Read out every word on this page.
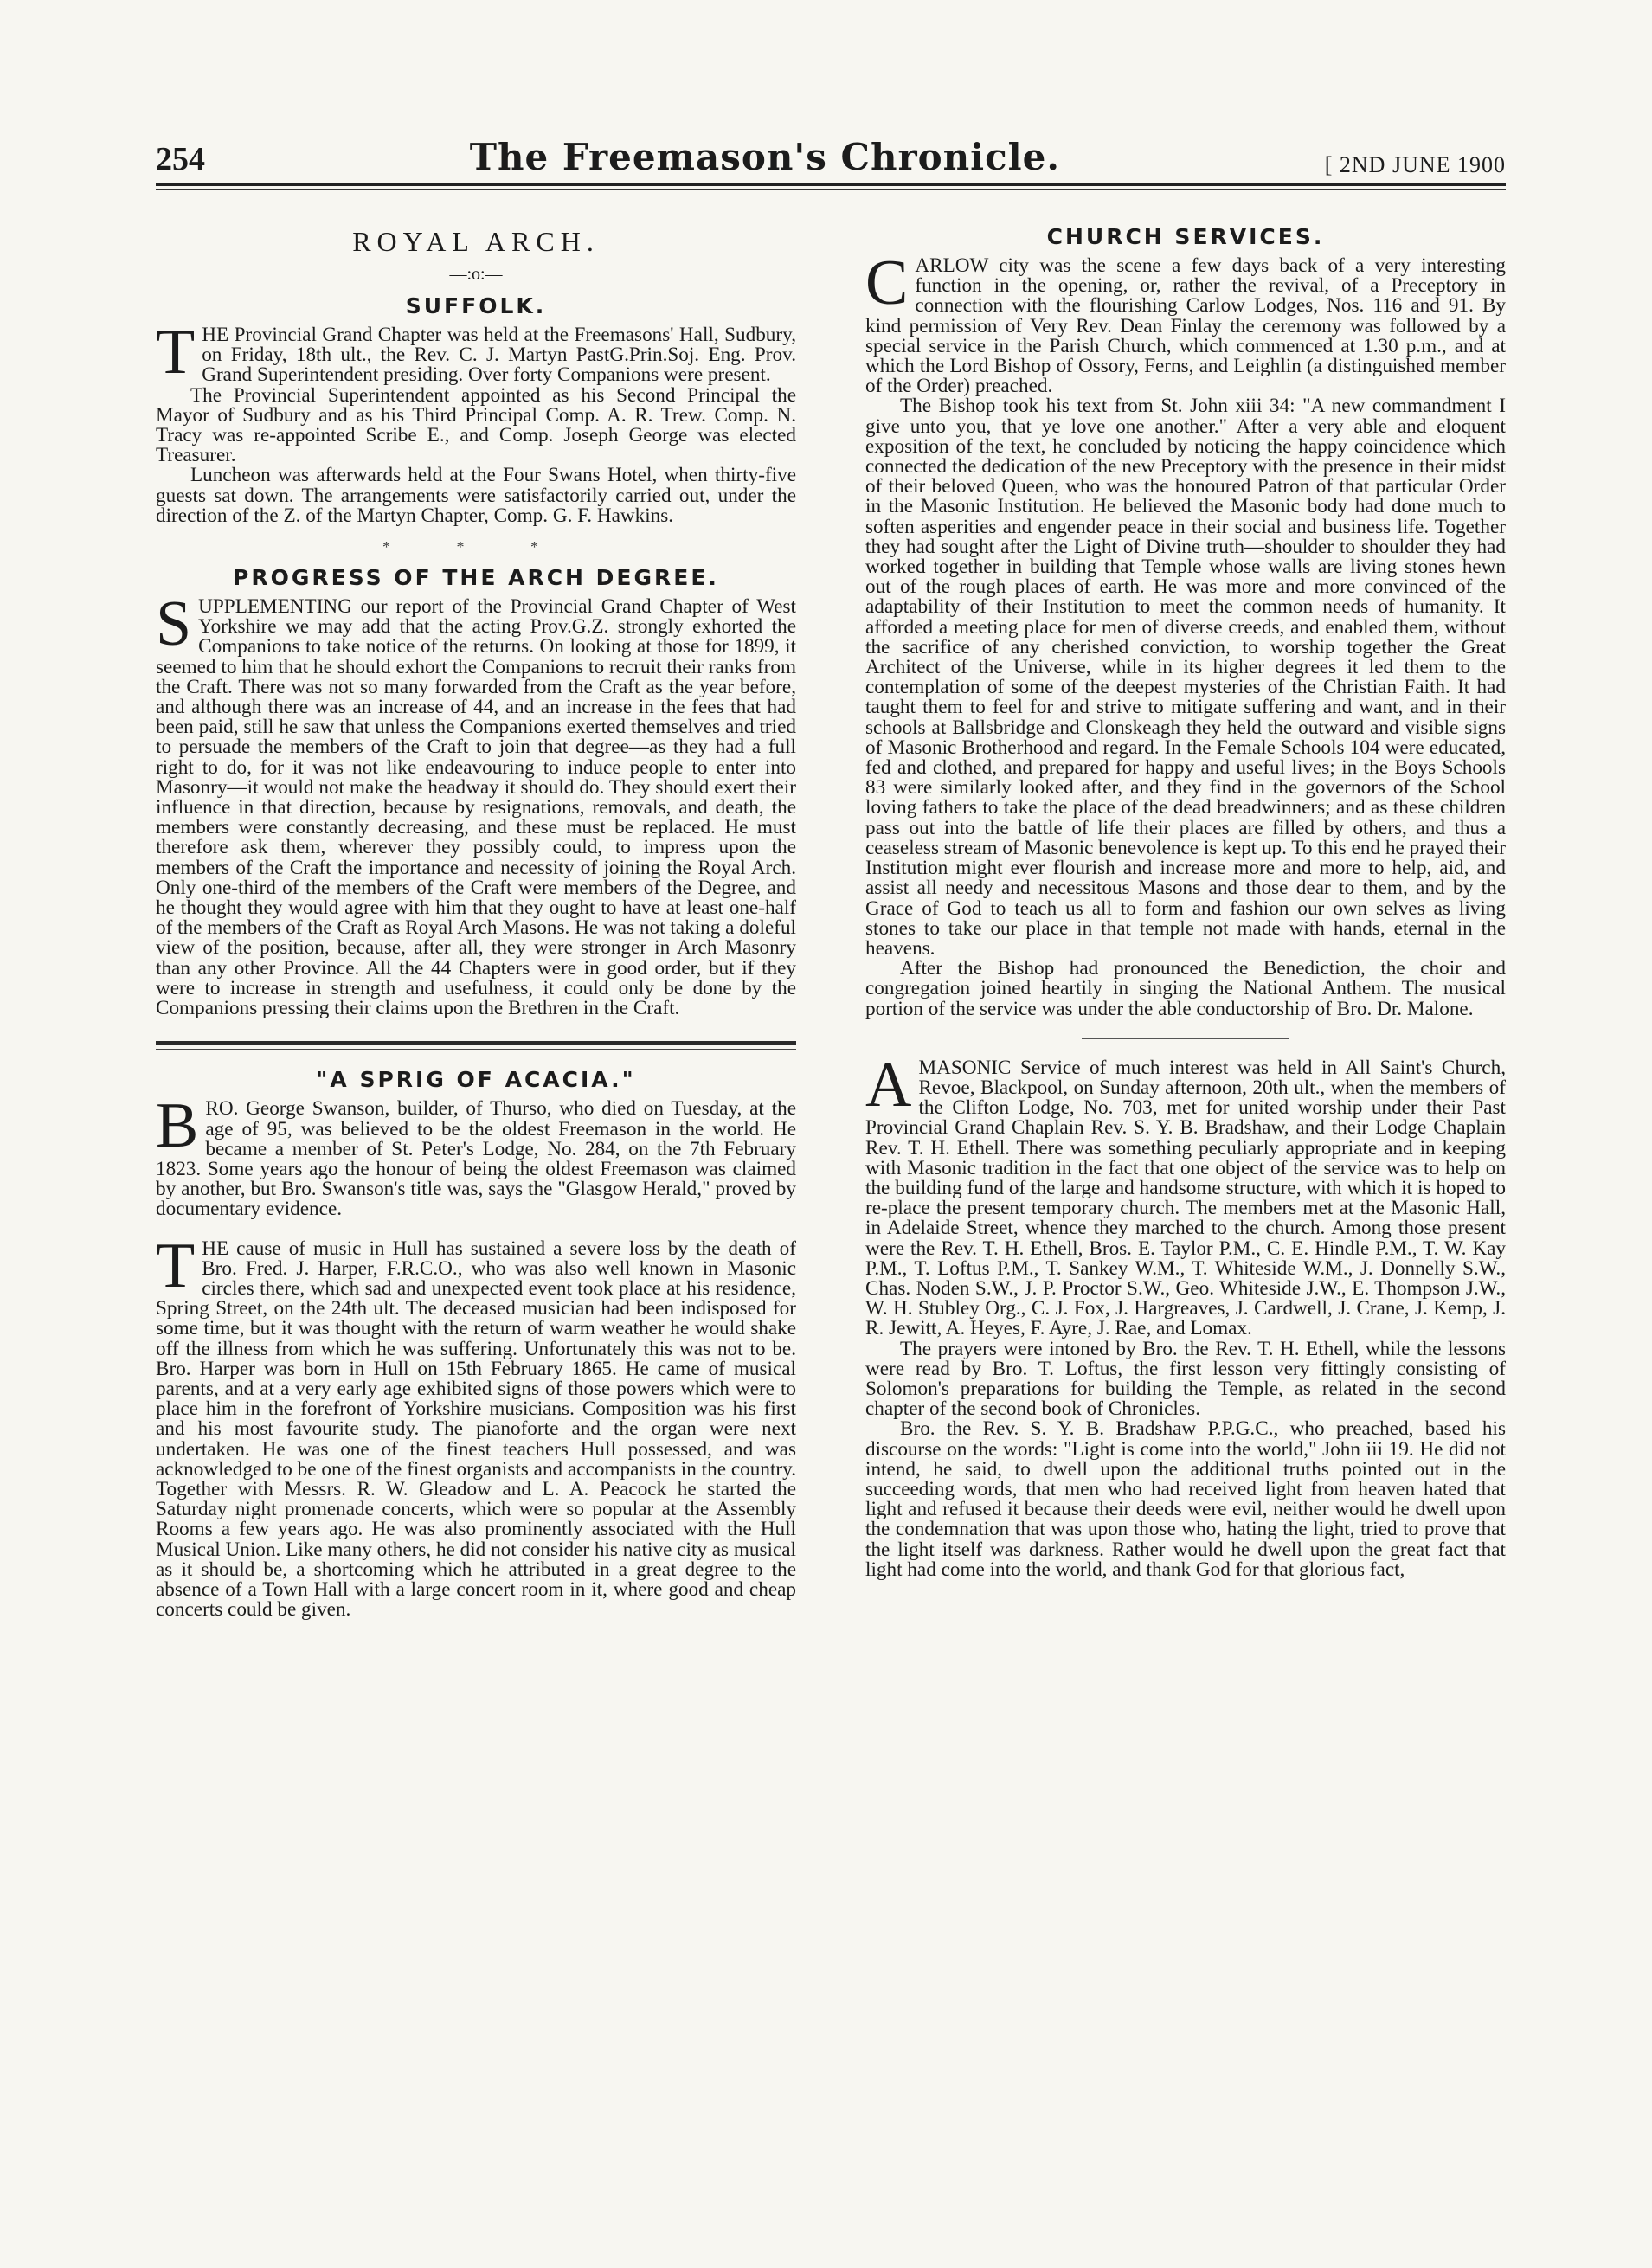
254	The Freemason's Chronicle.	[ 2ND JUNE 1900
ROYAL ARCH.
—:o:—
SUFFOLK.

THE Provincial Grand Chapter was held at the Freemasons' Hall, Sudbury, on Friday, 18th ult., the Rev. C. J. Martyn PastG.Prin.Soj. Eng. Prov. Grand Superintendent presiding. Over forty Companions were present.

The Provincial Superintendent appointed as his Second Principal the Mayor of Sudbury and as his Third Principal Comp. A. R. Trew. Comp. N. Tracy was re-appointed Scribe E., and Comp. Joseph George was elected Treasurer.

Luncheon was afterwards held at the Four Swans Hotel, when thirty-five guests sat down. The arrangements were satisfactorily carried out, under the direction of the Z. of the Martyn Chapter, Comp. G. F. Hawkins.

* * *
PROGRESS OF THE ARCH DEGREE.

SUPPLEMENTING our report of the Provincial Grand Chapter of West Yorkshire we may add that the acting Prov.G.Z. strongly exhorted the Companions to take notice of the returns. On looking at those for 1899, it seemed to him that he should exhort the Companions to recruit their ranks from the Craft. There was not so many forwarded from the Craft as the year before, and although there was an increase of 44, and an increase in the fees that had been paid, still he saw that unless the Companions exerted themselves and tried to persuade the members of the Craft to join that degree—as they had a full right to do, for it was not like endeavouring to induce people to enter into Masonry—it would not make the headway it should do. They should exert their influence in that direction, because by resignations, removals, and death, the members were constantly decreasing, and these must be replaced. He must therefore ask them, wherever they possibly could, to impress upon the members of the Craft the importance and necessity of joining the Royal Arch. Only one-third of the members of the Craft were members of the Degree, and he thought they would agree with him that they ought to have at least one-half of the members of the Craft as Royal Arch Masons. He was not taking a doleful view of the position, because, after all, they were stronger in Arch Masonry than any other Province. All the 44 Chapters were in good order, but if they were to increase in strength and usefulness, it could only be done by the Companions pressing their claims upon the Brethren in the Craft.

"A SPRIG OF ACACIA."

BRO. George Swanson, builder, of Thurso, who died on Tuesday, at the age of 95, was believed to be the oldest Freemason in the world. He became a member of St. Peter's Lodge, No. 284, on the 7th February 1823. Some years ago the honour of being the oldest Freemason was claimed by another, but Bro. Swanson's title was, says the "Glasgow Herald," proved by documentary evidence.

THE cause of music in Hull has sustained a severe loss by the death of Bro. Fred. J. Harper, F.R.C.O., who was also well known in Masonic circles there, which sad and unexpected event took place at his residence, Spring Street, on the 24th ult. The deceased musician had been indisposed for some time, but it was thought with the return of warm weather he would shake off the illness from which he was suffering. Unfortunately this was not to be. Bro. Harper was born in Hull on 15th February 1865. He came of musical parents, and at a very early age exhibited signs of those powers which were to place him in the forefront of Yorkshire musicians. Composition was his first and his most favourite study. The pianoforte and the organ were next undertaken. He was one of the finest teachers Hull possessed, and was acknowledged to be one of the finest organists and accompanists in the country. Together with Messrs. R. W. Gleadow and L. A. Peacock he started the Saturday night promenade concerts, which were so popular at the Assembly Rooms a few years ago. He was also prominently associated with the Hull Musical Union. Like many others, he did not consider his native city as musical as it should be, a shortcoming which he attributed in a great degree to the absence of a Town Hall with a large concert room in it, where good and cheap concerts could be given.

CHURCH SERVICES.

CARLOW city was the scene a few days back of a very interesting function in the opening, or, rather the revival, of a Preceptory in connection with the flourishing Carlow Lodges, Nos. 116 and 91. By kind permission of Very Rev. Dean Finlay the ceremony was followed by a special service in the Parish Church, which commenced at 1.30 p.m., and at which the Lord Bishop of Ossory, Ferns, and Leighlin (a distinguished member of the Order) preached.

The Bishop took his text from St. John xiii 34: "A new commandment I give unto you, that ye love one another." After a very able and eloquent exposition of the text, he concluded by noticing the happy coincidence which connected the dedication of the new Preceptory with the presence in their midst of their beloved Queen, who was the honoured Patron of that particular Order in the Masonic Institution. He believed the Masonic body had done much to soften asperities and engender peace in their social and business life. Together they had sought after the Light of Divine truth—shoulder to shoulder they had worked together in building that Temple whose walls are living stones hewn out of the rough places of earth. He was more and more convinced of the adaptability of their Institution to meet the common needs of humanity. It afforded a meeting place for men of diverse creeds, and enabled them, without the sacrifice of any cherished conviction, to worship together the Great Architect of the Universe, while in its higher degrees it led them to the contemplation of some of the deepest mysteries of the Christian Faith. It had taught them to feel for and strive to mitigate suffering and want, and in their schools at Ballsbridge and Clonskeagh they held the outward and visible signs of Masonic Brotherhood and regard. In the Female Schools 104 were educated, fed and clothed, and prepared for happy and useful lives; in the Boys Schools 83 were similarly looked after, and they find in the governors of the School loving fathers to take the place of the dead breadwinners; and as these children pass out into the battle of life their places are filled by others, and thus a ceaseless stream of Masonic benevolence is kept up. To this end he prayed their Institution might ever flourish and increase more and more to help, aid, and assist all needy and necessitous Masons and those dear to them, and by the Grace of God to teach us all to form and fashion our own selves as living stones to take our place in that temple not made with hands, eternal in the heavens.

After the Bishop had pronounced the Benediction, the choir and congregation joined heartily in singing the National Anthem. The musical portion of the service was under the able conductorship of Bro. Dr. Malone.

AMASONIC Service of much interest was held in All Saint's Church, Revoe, Blackpool, on Sunday afternoon, 20th ult., when the members of the Clifton Lodge, No. 703, met for united worship under their Past Provincial Grand Chaplain Rev. S. Y. B. Bradshaw, and their Lodge Chaplain Rev. T. H. Ethell. There was something peculiarly appropriate and in keeping with Masonic tradition in the fact that one object of the service was to help on the building fund of the large and handsome structure, with which it is hoped to re-place the present temporary church. The members met at the Masonic Hall, in Adelaide Street, whence they marched to the church. Among those present were the Rev. T. H. Ethell, Bros. E. Taylor P.M., C. E. Hindle P.M., T. W. Kay P.M., T. Loftus P.M., T. Sankey W.M., T. Whiteside W.M., J. Donnelly S.W., Chas. Noden S.W., J. P. Proctor S.W., Geo. Whiteside J.W., E. Thompson J.W., W. H. Stubley Org., C. J. Fox, J. Hargreaves, J. Cardwell, J. Crane, J. Kemp, J. R. Jewitt, A. Heyes, F. Ayre, J. Rae, and Lomax.

The prayers were intoned by Bro. the Rev. T. H. Ethell, while the lessons were read by Bro. T. Loftus, the first lesson very fittingly consisting of Solomon's preparations for building the Temple, as related in the second chapter of the second book of Chronicles.

Bro. the Rev. S. Y. B. Bradshaw P.P.G.C., who preached, based his discourse on the words: "Light is come into the world," John iii 19. He did not intend, he said, to dwell upon the additional truths pointed out in the succeeding words, that men who had received light from heaven hated that light and refused it because their deeds were evil, neither would he dwell upon the condemnation that was upon those who, hating the light, tried to prove that the light itself was darkness. Rather would he dwell upon the great fact that light had come into the world, and thank God for that glorious fact,
